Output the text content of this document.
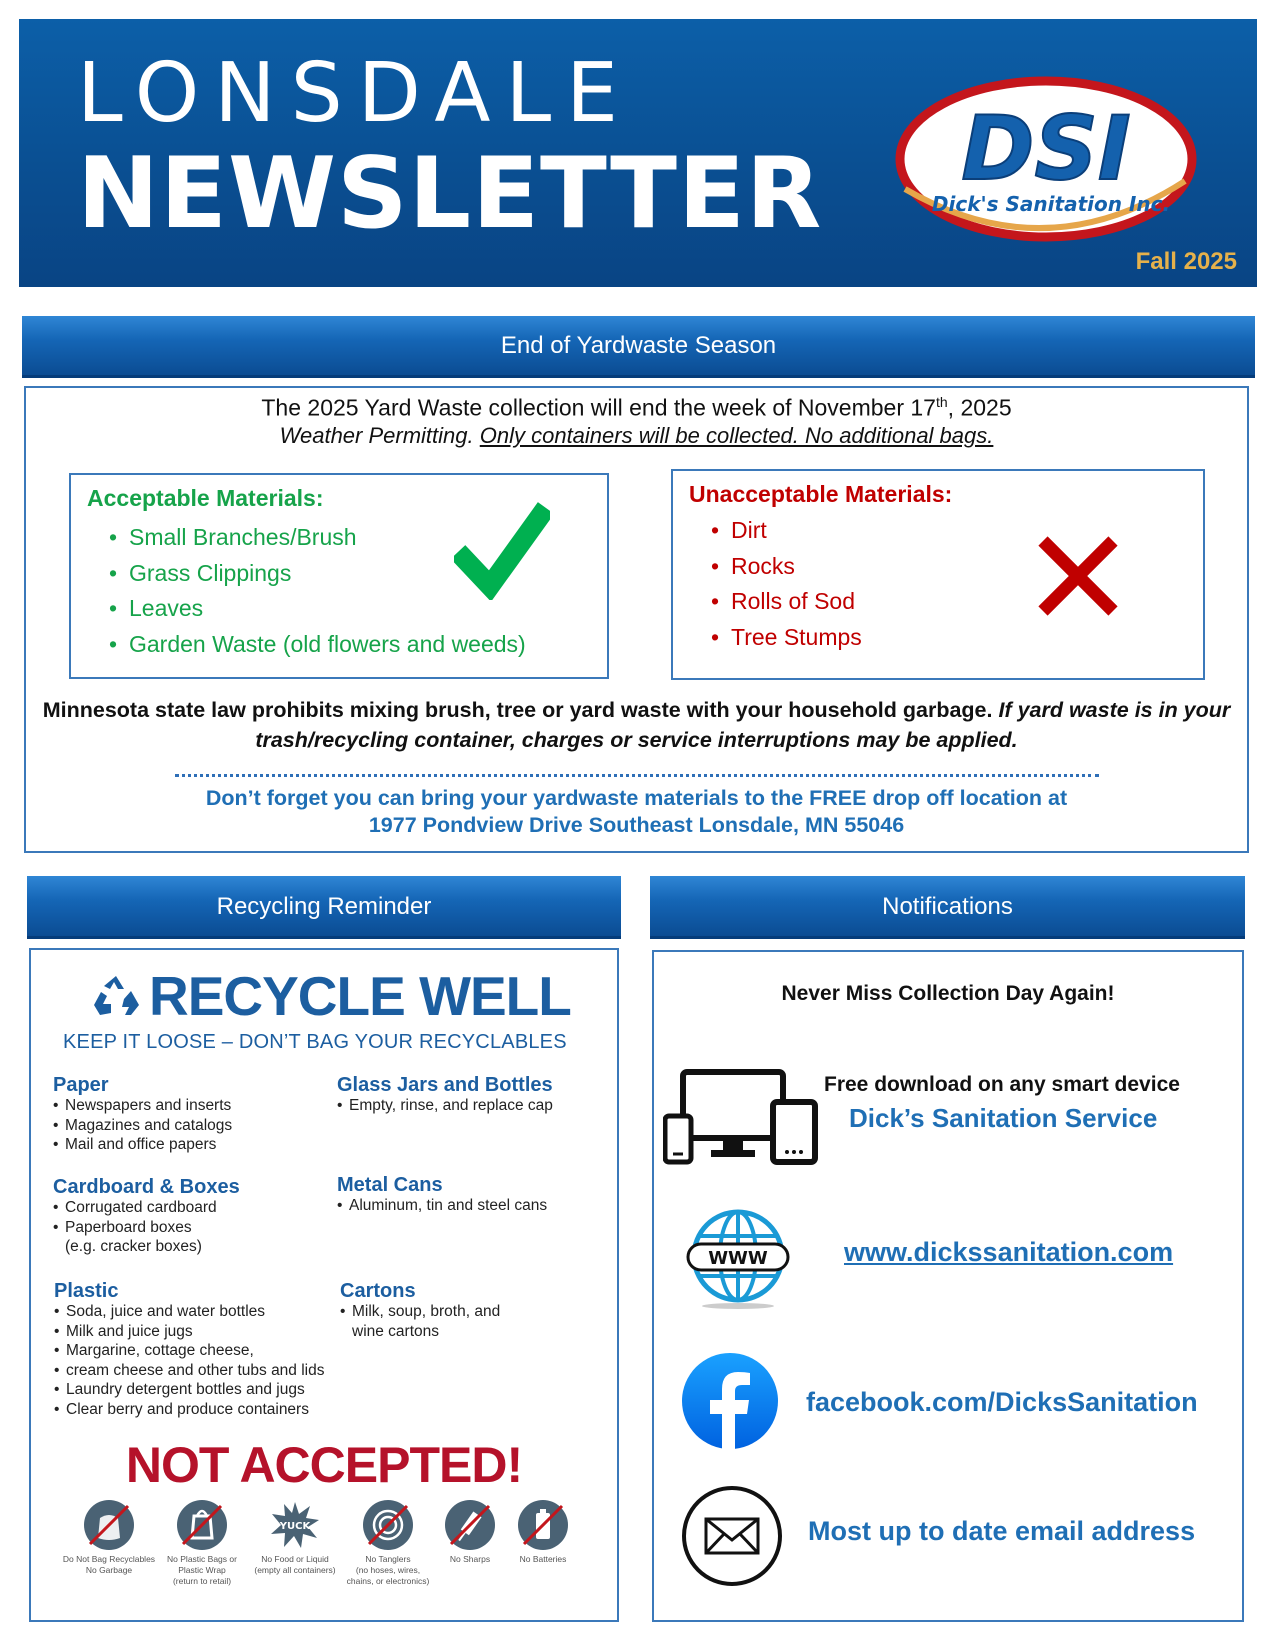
LONSDALE
NEWSLETTER DSI
Dick's Sanitation Inc.
Fall 2025
End of Yardwaste Season
The 2025 Yard Waste collection will end the week of November 17th, 2025
Weather Permitting. Only containers will be collected. No additional bags.
Acceptable Materials:
• Small Branches/Brush
• Grass Clippings
• Leaves
• Garden Waste (old flowers and weeds)
Unacceptable Materials:
• Dirt
• Rocks
• Rolls of Sod
• Tree Stumps
Minnesota state law prohibits mixing brush, tree or yard waste with your household garbage. If yard waste is in your trash/recycling container, charges or service interruptions may be applied.
Don’t forget you can bring your yardwaste materials to the FREE drop off location at
1977 Pondview Drive Southeast Lonsdale, MN 55046
Recycling Reminder
RECYCLE WELL
KEEP IT LOOSE – DON’T BAG YOUR RECYCLABLES
Paper
• Newspapers and inserts
• Magazines and catalogs
• Mail and office papers
Glass Jars and Bottles
• Empty, rinse, and replace cap
Cardboard & Boxes
• Corrugated cardboard
• Paperboard boxes
(e.g. cracker boxes)
Metal Cans
• Aluminum, tin and steel cans
Plastic
• Soda, juice and water bottles
• Milk and juice jugs
• Margarine, cottage cheese,
• cream cheese and other tubs and lids
• Laundry detergent bottles and jugs
• Clear berry and produce containers
Cartons
• Milk, soup, broth, and
wine cartons
NOT ACCEPTED!
Do Not Bag Recyclables
No Garbage
No Plastic Bags or
Plastic Wrap
(return to retail)
YUCK
No Food or Liquid
(empty all containers)
No Tanglers
(no hoses, wires,
chains, or electronics)
No Sharps	No Batteries
Notifications
Never Miss Collection Day Again!
Free download on any smart device
Dick’s Sanitation Service
WWW	www.dickssanitation.com
facebook.com/DicksSanitation
Most up to date email address
